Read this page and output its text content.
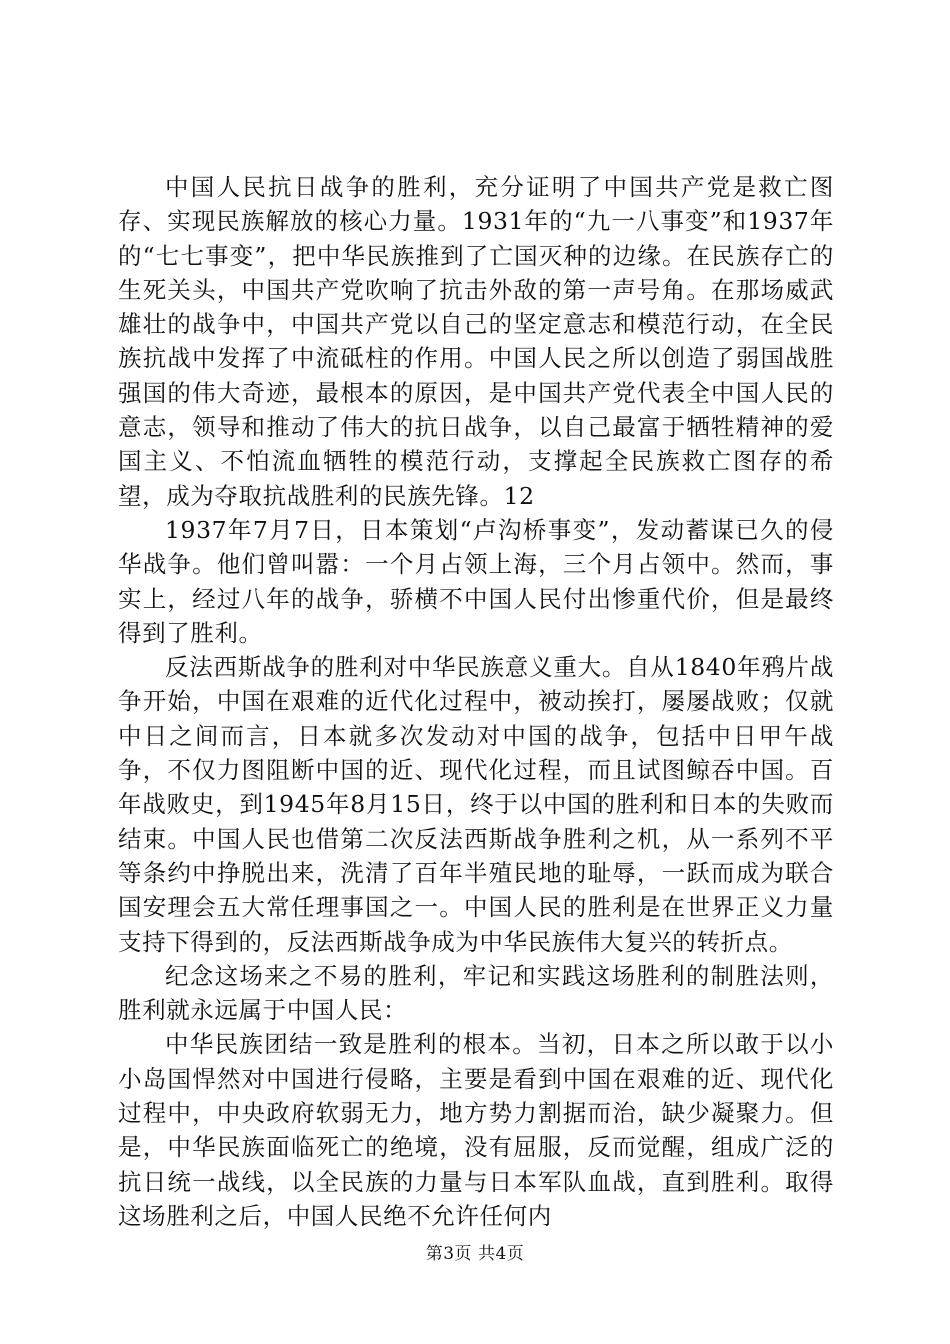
中国人民抗日战争的胜利，充分证明了中国共产党是救亡图存、实现民族解放的核心力量。1931年的“九一八事变”和1937年的“七七事变”，把中华民族推到了亡国灭种的边缘。在民族存亡的生死关头，中国共产党吹响了抗击外敌的第一声号角。在那场威武雄壮的战争中，中国共产党以自己的坚定意志和模范行动，在全民族抗战中发挥了中流砥柱的作用。中国人民之所以创造了弱国战胜强国的伟大奇迹，最根本的原因，是中国共产党代表全中国人民的意志，领导和推动了伟大的抗日战争，以自己最富于牺牲精神的爱国主义、不怕流血牺牲的模范行动，支撑起全民族救亡图存的希望，成为夺取抗战胜利的民族先锋。12

1937年7月7日，日本策划“卢沟桥事变”，发动蓄谋已久的侵华战争。他们曾叫嚣：一个月占领上海，三个月占领中。然而，事实上，经过八年的战争，骄横不中国人民付出惨重代价，但是最终得到了胜利。

反法西斯战争的胜利对中华民族意义重大。自从1840年鸦片战争开始，中国在艰难的近代化过程中，被动挨打，屡屡战败；仅就中日之间而言，日本就多次发动对中国的战争，包括中日甲午战争，不仅力图阻断中国的近、现代化过程，而且试图鲸吞中国。百年战败史，到1945年8月15日，终于以中国的胜利和日本的失败而结束。中国人民也借第二次反法西斯战争胜利之机，从一系列不平等条约中挣脱出来，洗清了百年半殖民地的耻辱，一跃而成为联合国安理会五大常任理事国之一。中国人民的胜利是在世界正义力量支持下得到的，反法西斯战争成为中华民族伟大复兴的转折点。

纪念这场来之不易的胜利，牢记和实践这场胜利的制胜法则，胜利就永远属于中国人民：

中华民族团结一致是胜利的根本。当初，日本之所以敢于以小小岛国悍然对中国进行侵略，主要是看到中国在艰难的近、现代化过程中，中央政府软弱无力，地方势力割据而治，缺少凝聚力。但是，中华民族面临死亡的绝境，没有屈服，反而觉醒，组成广泛的抗日统一战线，以全民族的力量与日本军队血战，直到胜利。取得这场胜利之后，中国人民绝不允许任何内

第3页 共4页
